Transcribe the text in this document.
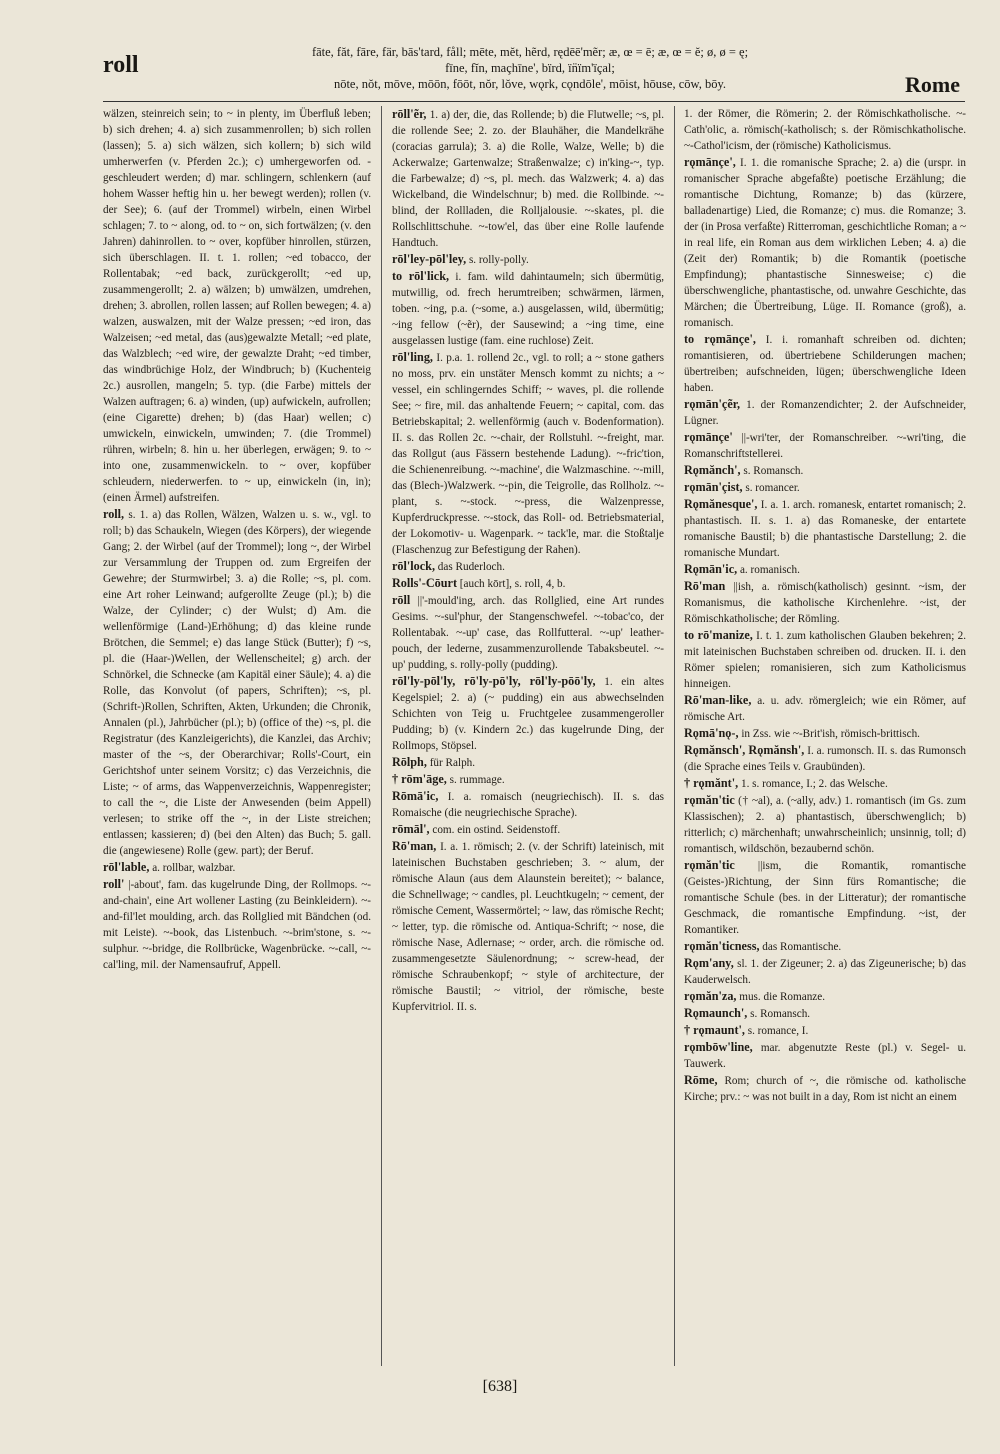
roll	fāte, făt, fāre, fär, bās'tard, fåll; mēte, mĕt, hẽrd, rędēē'mẽr; æ, œ = ē; æ, œ = ĕ; ø, ø = ę;
fīne, fĭn, maçhīne', bïrd, ïn̈ïm'ïçal;
nōte, nŏt, mōve, mōōn, fōōt, nŏr, lŏve, wǫrk, cǫndōle', mōist, hōuse, cōw, bōy.	Rome

wälzen, steinreich sein; to ~ in plenty, im Überfluß leben; b) sich drehen; 4. a) sich zusammenrollen; b) sich rollen (lassen); 5. a) sich wälzen, sich kollern; b) sich wild umherwerfen (v. Pferden 2c.); c) umhergeworfen od. -geschleudert werden; d) mar. schlingern, schlenkern (auf hohem Wasser heftig hin u. her bewegt werden); rollen (v. der See); 6. (auf der Trommel) wirbeln, einen Wirbel schlagen; 7. to ~ along, od. to ~ on, sich fortwälzen; (v. den Jahren) dahinrollen. to ~ over, kopfüber hinrollen, stürzen, sich überschlagen. II. t. 1. rollen; ~ed tobacco, der Rollentabak; ~ed back, zurückgerollt; ~ed up, zusammengerollt; 2. a) wälzen; b) umwälzen, umdrehen, drehen; 3. abrollen, rollen lassen; auf Rollen bewegen; 4. a) walzen, auswalzen, mit der Walze pressen; ~ed iron, das Walzeisen; ~ed metal, das (aus)gewalzte Metall; ~ed plate, das Walzblech; ~ed wire, der gewalzte Draht; ~ed timber, das windbrüchige Holz, der Windbruch; b) (Kuchenteig 2c.) ausrollen, mangeln; 5. typ. (die Farbe) mittels der Walzen auftragen; 6. a) winden, (up) aufwickeln, aufrollen; (eine Cigarette) drehen; b) (das Haar) wellen; c) umwickeln, einwickeln, umwinden; 7. (die Trommel) rühren, wirbeln; 8. hin u. her überlegen, erwägen; 9. to ~ into one, zusammenwickeln. to ~ over, kopfüber schleudern, niederwerfen. to ~ up, einwickeln (in, in); (einen Ärmel) aufstreifen.

roll, s. 1. a) das Rollen, Wälzen, Walzen u. s. w., vgl. to roll; b) das Schaukeln, Wiegen (des Körpers), der wiegende Gang; 2. der Wirbel (auf der Trommel); long ~, der Wirbel zur Versammlung der Truppen od. zum Ergreifen der Gewehre; der Sturmwirbel; 3. a) die Rolle; ~s, pl. com. eine Art roher Leinwand; aufgerollte Zeuge (pl.); b) die Walze, der Cylinder; c) der Wulst; d) Am. die wellenförmige (Land-)Erhöhung; d) das kleine runde Brötchen, die Semmel; e) das lange Stück (Butter); f) ~s, pl. die (Haar-)Wellen, der Wellenscheitel; g) arch. der Schnörkel, die Schnecke (am Kapitäl einer Säule); 4. a) die Rolle, das Konvolut (of papers, Schriften); ~s, pl. (Schrift-)Rollen, Schriften, Akten, Urkunden; die Chronik, Annalen (pl.), Jahrbücher (pl.); b) (office of the) ~s, pl. die Registratur (des Kanzleigerichts), die Kanzlei, das Archiv; master of the ~s, der Oberarchivar; Rolls'-Court, ein Gerichtshof unter seinem Vorsitz; c) das Verzeichnis, die Liste; ~ of arms, das Wappenverzeichnis, Wappenregister; to call the ~, die Liste der Anwesenden (beim Appell) verlesen; to strike off the ~, in der Liste streichen; entlassen; kassieren; d) (bei den Alten) das Buch; 5. gall. die (angewiesene) Rolle (gew. part); der Beruf.

rōl'lable, a. rollbar, walzbar.

roll' |-about', fam. das kugelrunde Ding, der Rollmops. ~-and-chain', eine Art wollener Lasting (zu Beinkleidern). ~-and-fil'let moulding, arch. das Rollglied mit Bändchen (od. mit Leiste). ~-book, das Listenbuch. ~-brim'stone, s. ~-sulphur. ~-bridge, die Rollbrücke, Wagenbrücke. ~-call, ~-cal'ling, mil. der Namensaufruf, Appell.

rōll'ẽr, 1. a) der, die, das Rollende; b) die Flutwelle; ~s, pl. die rollende See; 2. zo. der Blauhäher, die Mandelkrähe (coracias garrula); 3. a) die Rolle, Walze, Welle; b) die Ackerwalze; Gartenwalze; Straßenwalze; c) in'king-~, typ. die Farbewalze; d) ~s, pl. mech. das Walzwerk; 4. a) das Wickelband, die Windelschnur; b) med. die Rollbinde. ~-blind, der Rollladen, die Rolljalousie. ~-skates, pl. die Rollschlittschuhe. ~-tow'el, das über eine Rolle laufende Handtuch.

rōl'ley-pōl'ley, s. rolly-polly.

to rōl'lick, i. fam. wild dahintaumeln; sich übermütig, mutwillig, od. frech herumtreiben; schwärmen, lärmen, toben. ~ing, p.a. (~some, a.) ausgelassen, wild, übermütig; ~ing fellow (~ẽr), der Sausewind; a ~ing time, eine ausgelassen lustige (fam. eine ruchlose) Zeit.

rōl'ling, I. p.a. 1. rollend 2c., vgl. to roll; a ~ stone gathers no moss, prv. ein unstäter Mensch kommt zu nichts; a ~ vessel, ein schlingerndes Schiff; ~ waves, pl. die rollende See; ~ fire, mil. das anhaltende Feuern; ~ capital, com. das Betriebskapital; 2. wellenförmig (auch v. Bodenformation). II. s. das Rollen 2c. ~-chair, der Rollstuhl. ~-freight, mar. das Rollgut (aus Fässern bestehende Ladung). ~-fric'tion, die Schienenreibung. ~-machine', die Walzmaschine. ~-mill, das (Blech-)Walzwerk. ~-pin, die Teigrolle, das Rollholz. ~-plant, s. ~-stock. ~-press, die Walzenpresse, Kupferdruckpresse. ~-stock, das Roll- od. Betriebsmaterial, der Lokomotiv- u. Wagenpark. ~ tack'le, mar. die Stoßtalje (Flaschenzug zur Befestigung der Rahen).

rōl'lock, das Ruderloch.

Rolls'-Cōurt [auch kōrt], s. roll, 4, b.

rōll ||'-mould'ing, arch. das Rollglied, eine Art rundes Gesims. ~-sul'phur, der Stangenschwefel. ~-tobac'co, der Rollentabak. ~-up' case, das Rollfutteral. ~-up' leather-pouch, der lederne, zusammenzurollende Tabaksbeutel. ~-up' pudding, s. rolly-polly (pudding).

rōl'ly-pōl'ly, rō'ly-pō'ly, rōl'ly-pōō'ly, 1. ein altes Kegelspiel; 2. a) (~ pudding) ein aus abwechselnden Schichten von Teig u. Fruchtgelee zusammengeroller Pudding; b) (v. Kindern 2c.) das kugelrunde Ding, der Rollmops, Stöpsel.

Rōlph, für Ralph.

† rōm'āge, s. rummage.

Rōmā'ic, I. a. romaisch (neugriechisch). II. s. das Romaische (die neugriechische Sprache).

rōmāl', com. ein ostind. Seidenstoff.

Rō'man, I. a. 1. römisch; 2. (v. der Schrift) lateinisch, mit lateinischen Buchstaben geschrieben; 3. ~ alum, der römische Alaun (aus dem Alaunstein bereitet); ~ balance, die Schnellwage; ~ candles, pl. Leuchtkugeln; ~ cement, der römische Cement, Wassermörtel; ~ law, das römische Recht; ~ letter, typ. die römische od. Antiqua-Schrift; ~ nose, die römische Nase, Adlernase; ~ order, arch. die römische od. zusammengesetzte Säulenordnung; ~ screw-head, der römische Schraubenkopf; ~ style of architecture, der römische Baustil; ~ vitriol, der römische, beste Kupfervitriol. II. s.

1. der Römer, die Römerin; 2. der Römischkatholische. ~-Cath'olic, a. römisch(-katholisch; s. der Römischkatholische. ~-Cathol'icism, der (römische) Katholicismus.

rǫmānçe', I. 1. die romanische Sprache; 2. a) die (urspr. in romanischer Sprache abgefaßte) poetische Erzählung; die romantische Dichtung, Romanze; b) das (kürzere, balladenartige) Lied, die Romanze; c) mus. die Romanze; 3. der (in Prosa verfaßte) Ritterroman, geschichtliche Roman; a ~ in real life, ein Roman aus dem wirklichen Leben; 4. a) die (Zeit der) Romantik; b) die Romantik (poetische Empfindung); phantastische Sinnesweise; c) die überschwengliche, phantastische, od. unwahre Geschichte, das Märchen; die Übertreibung, Lüge. II. Romance (groß), a. romanisch.

to rǫmānçe', I. i. romanhaft schreiben od. dichten; romantisieren, od. übertriebene Schilderungen machen; übertreiben; aufschneiden, lügen; überschwengliche Ideen haben.

rǫmān'çẽr, 1. der Romanzendichter; 2. der Aufschneider, Lügner.

rǫmānçe' ||-wri'ter, der Romanschreiber. ~-wri'ting, die Romanschriftstellerei.

Rǫmănch', s. Romansch.

rǫmān'çist, s. romancer.

Rǫmănesque', I. a. 1. arch. romanesk, entartet romanisch; 2. phantastisch. II. s. 1. a) das Romaneske, der entartete romanische Baustil; b) die phantastische Darstellung; 2. die romanische Mundart.

Rǫmān'ic, a. romanisch.

Rō'man ||ish, a. römisch(katholisch) gesinnt. ~ism, der Romanismus, die katholische Kirchenlehre. ~ist, der Römischkatholische; der Römling.

to rō'manize, I. t. 1. zum katholischen Glauben bekehren; 2. mit lateinischen Buchstaben schreiben od. drucken. II. i. den Römer spielen; romanisieren, sich zum Katholicismus hinneigen.

Rō'man-like, a. u. adv. römergleich; wie ein Römer, auf römische Art.

Rǫmā'nǫ-, in Zss. wie ~-Brit'ish, römisch-brittisch.

Rǫmănsch', Rǫmănsh', I. a. rumonsch. II. s. das Rumonsch (die Sprache eines Teils v. Graubünden).

† rǫmănt', 1. s. romance, I.; 2. das Welsche.

rǫmăn'tic († ~al), a. (~ally, adv.) 1. romantisch (im Gs. zum Klassischen); 2. a) phantastisch, überschwenglich; b) ritterlich; c) märchenhaft; unwahrscheinlich; unsinnig, toll; d) romantisch, wildschön, bezaubernd schön.

rǫmăn'tic ||ism, die Romantik, romantische (Geistes-)Richtung, der Sinn fürs Romantische; die romantische Schule (bes. in der Litteratur); der romantische Geschmack, die romantische Empfindung. ~ist, der Romantiker.

rǫmăn'ticness, das Romantische.

Rǫm'any, sl. 1. der Zigeuner; 2. a) das Zigeunerische; b) das Kauderwelsch.

rǫmăn'za, mus. die Romanze.

Rǫmaunch', s. Romansch.

† rǫmaunt', s. romance, I.

rǫmbōw'line, mar. abgenutzte Reste (pl.) v. Segel- u. Tauwerk.

Rōme, Rom; church of ~, die römische od. katholische Kirche; prv.: ~ was not built in a day, Rom ist nicht an einem

[638]
